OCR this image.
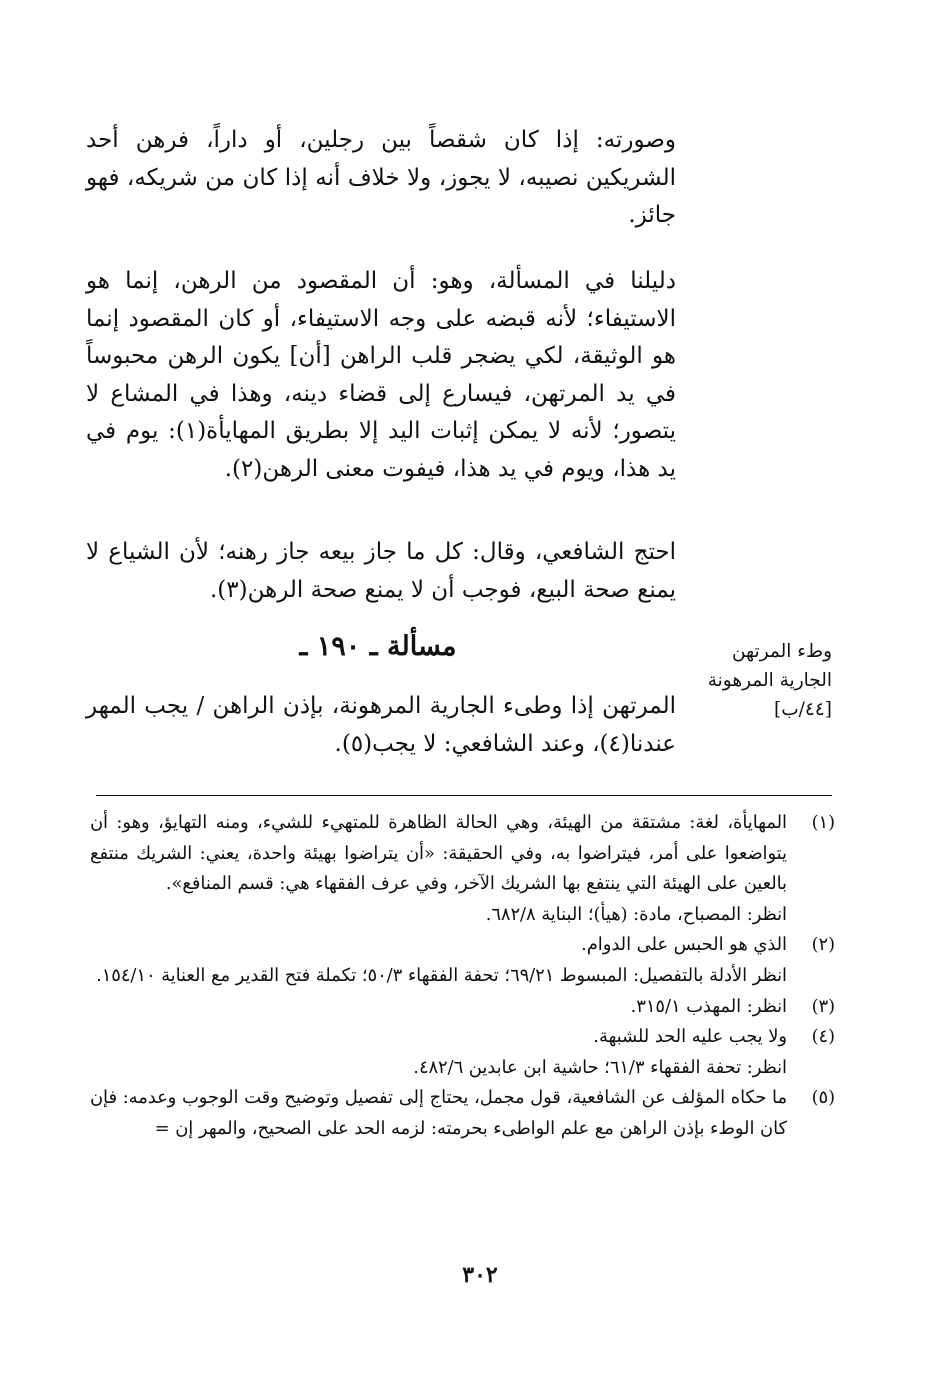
وصورته: إذا كان شقصاً بين رجلين، أو داراً، فرهن أحد الشريكين نصيبه، لا يجوز، ولا خلاف أنه إذا كان من شريكه، فهو جائز.

دليلنا في المسألة، وهو: أن المقصود من الرهن، إنما هو الاستيفاء؛ لأنه قبضه على وجه الاستيفاء، أو كان المقصود إنما هو الوثيقة، لكي يضجر قلب الراهن [أن] يكون الرهن محبوساً في يد المرتهن، فيسارع إلى قضاء دينه، وهذا في المشاع لا يتصور؛ لأنه لا يمكن إثبات اليد إلا بطريق المهايأة(١): يوم في يد هذا، ويوم في يد هذا، فيفوت معنى الرهن(٢).

احتج الشافعي، وقال: كل ما جاز بيعه جاز رهنه؛ لأن الشياع لا يمنع صحة البيع، فوجب أن لا يمنع صحة الرهن(٣).

مسألة ـ ١٩٠ ـ	وطء المرتهن
الجارية المرهونة
[٤٤/ب]

المرتهن إذا وطىء الجارية المرهونة، بإذن الراهن / يجب المهر عندنا(٤)، وعند الشافعي: لا يجب(٥).

(١)
المهايأة، لغة: مشتقة من الهيئة، وهي الحالة الظاهرة للمتهيء للشيء، ومنه التهايؤ، وهو: أن يتواضعوا على أمر، فيتراضوا به، وفي الحقيقة: «أن يتراضوا بهيئة واحدة، يعني: الشريك منتفع بالعين على الهيئة التي ينتفع بها الشريك الآخر، وفي عرف الفقهاء هي: قسم المنافع».
انظر: المصباح، مادة: (هيأ)؛ البناية ٦٨٢/٨.
(٢)
الذي هو الحبس على الدوام.
انظر الأدلة بالتفصيل: المبسوط ٦٩/٢١؛ تحفة الفقهاء ٥٠/٣؛ تكملة فتح القدير مع العناية ١٥٤/١٠.
(٣)
انظر: المهذب ٣١٥/١.
(٤)
ولا يجب عليه الحد للشبهة.
انظر: تحفة الفقهاء ٦١/٣؛ حاشية ابن عابدين ٤٨٢/٦.
(٥)
ما حكاه المؤلف عن الشافعية، قول مجمل، يحتاج إلى تفصيل وتوضيح وقت الوجوب وعدمه: فإن كان الوطء بإذن الراهن مع علم الواطىء بحرمته: لزمه الحد على الصحيح، والمهر إن =
٣٠٢
